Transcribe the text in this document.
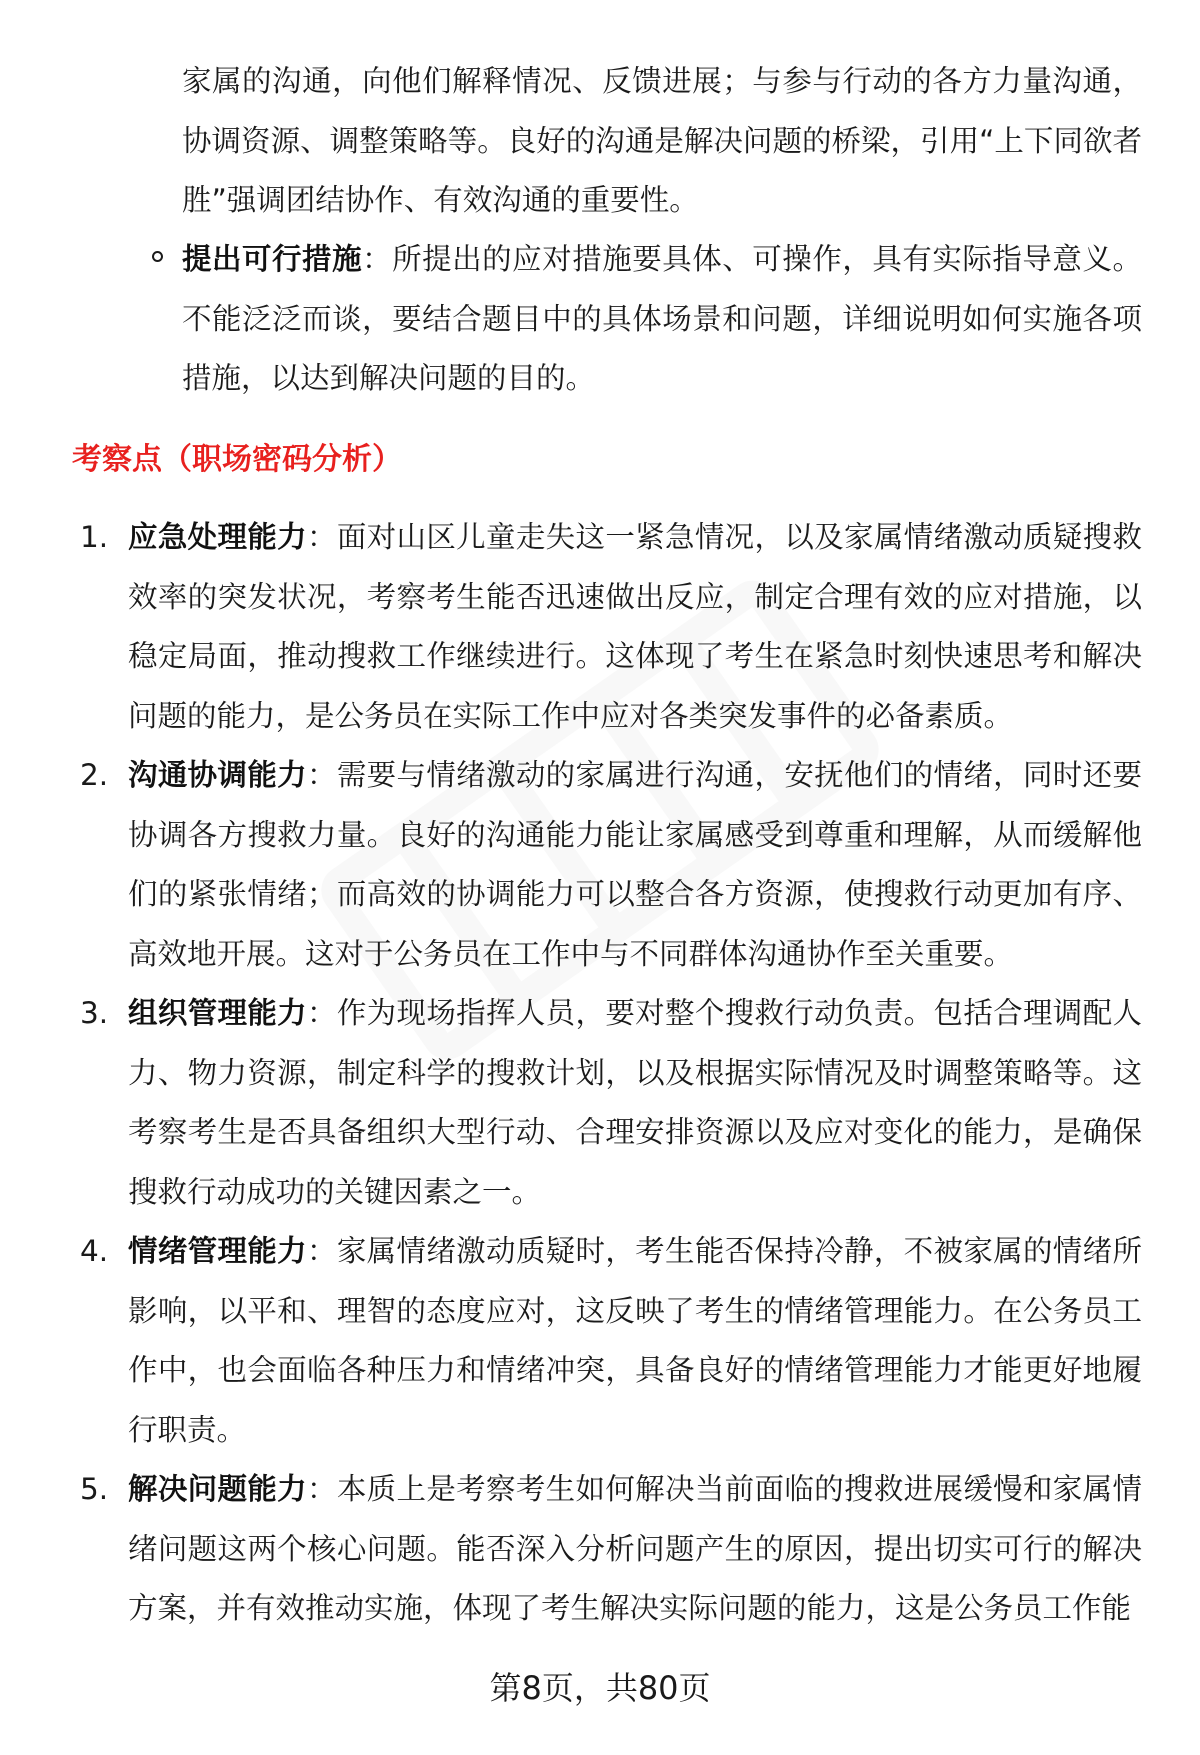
家属的沟通，向他们解释情况、反馈进展；与参与行动的各方力量沟通，协调资源、调整策略等。良好的沟通是解决问题的桥梁，引用“上下同欲者胜”强调团结协作、有效沟通的重要性。

提出可行措施：所提出的应对措施要具体、可操作，具有实际指导意义。不能泛泛而谈，要结合题目中的具体场景和问题，详细说明如何实施各项措施，以达到解决问题的目的。
考察点（职场密码分析）
1. 应急处理能力：面对山区儿童走失这一紧急情况，以及家属情绪激动质疑搜救效率的突发状况，考察考生能否迅速做出反应，制定合理有效的应对措施，以稳定局面，推动搜救工作继续进行。这体现了考生在紧急时刻快速思考和解决问题的能力，是公务员在实际工作中应对各类突发事件的必备素质。
2. 沟通协调能力：需要与情绪激动的家属进行沟通，安抚他们的情绪，同时还要协调各方搜救力量。良好的沟通能力能让家属感受到尊重和理解，从而缓解他们的紧张情绪；而高效的协调能力可以整合各方资源，使搜救行动更加有序、高效地开展。这对于公务员在工作中与不同群体沟通协作至关重要。
3. 组织管理能力：作为现场指挥人员，要对整个搜救行动负责。包括合理调配人力、物力资源，制定科学的搜救计划，以及根据实际情况及时调整策略等。这考察考生是否具备组织大型行动、合理安排资源以及应对变化的能力，是确保搜救行动成功的关键因素之一。
4. 情绪管理能力：家属情绪激动质疑时，考生能否保持冷静，不被家属的情绪所影响，以平和、理智的态度应对，这反映了考生的情绪管理能力。在公务员工作中，也会面临各种压力和情绪冲突，具备良好的情绪管理能力才能更好地履行职责。
5. 解决问题能力：本质上是考察考生如何解决当前面临的搜救进展缓慢和家属情绪问题这两个核心问题。能否深入分析问题产生的原因，提出切实可行的解决方案，并有效推动实施，体现了考生解决实际问题的能力，这是公务员工作能
第8页，共80页
